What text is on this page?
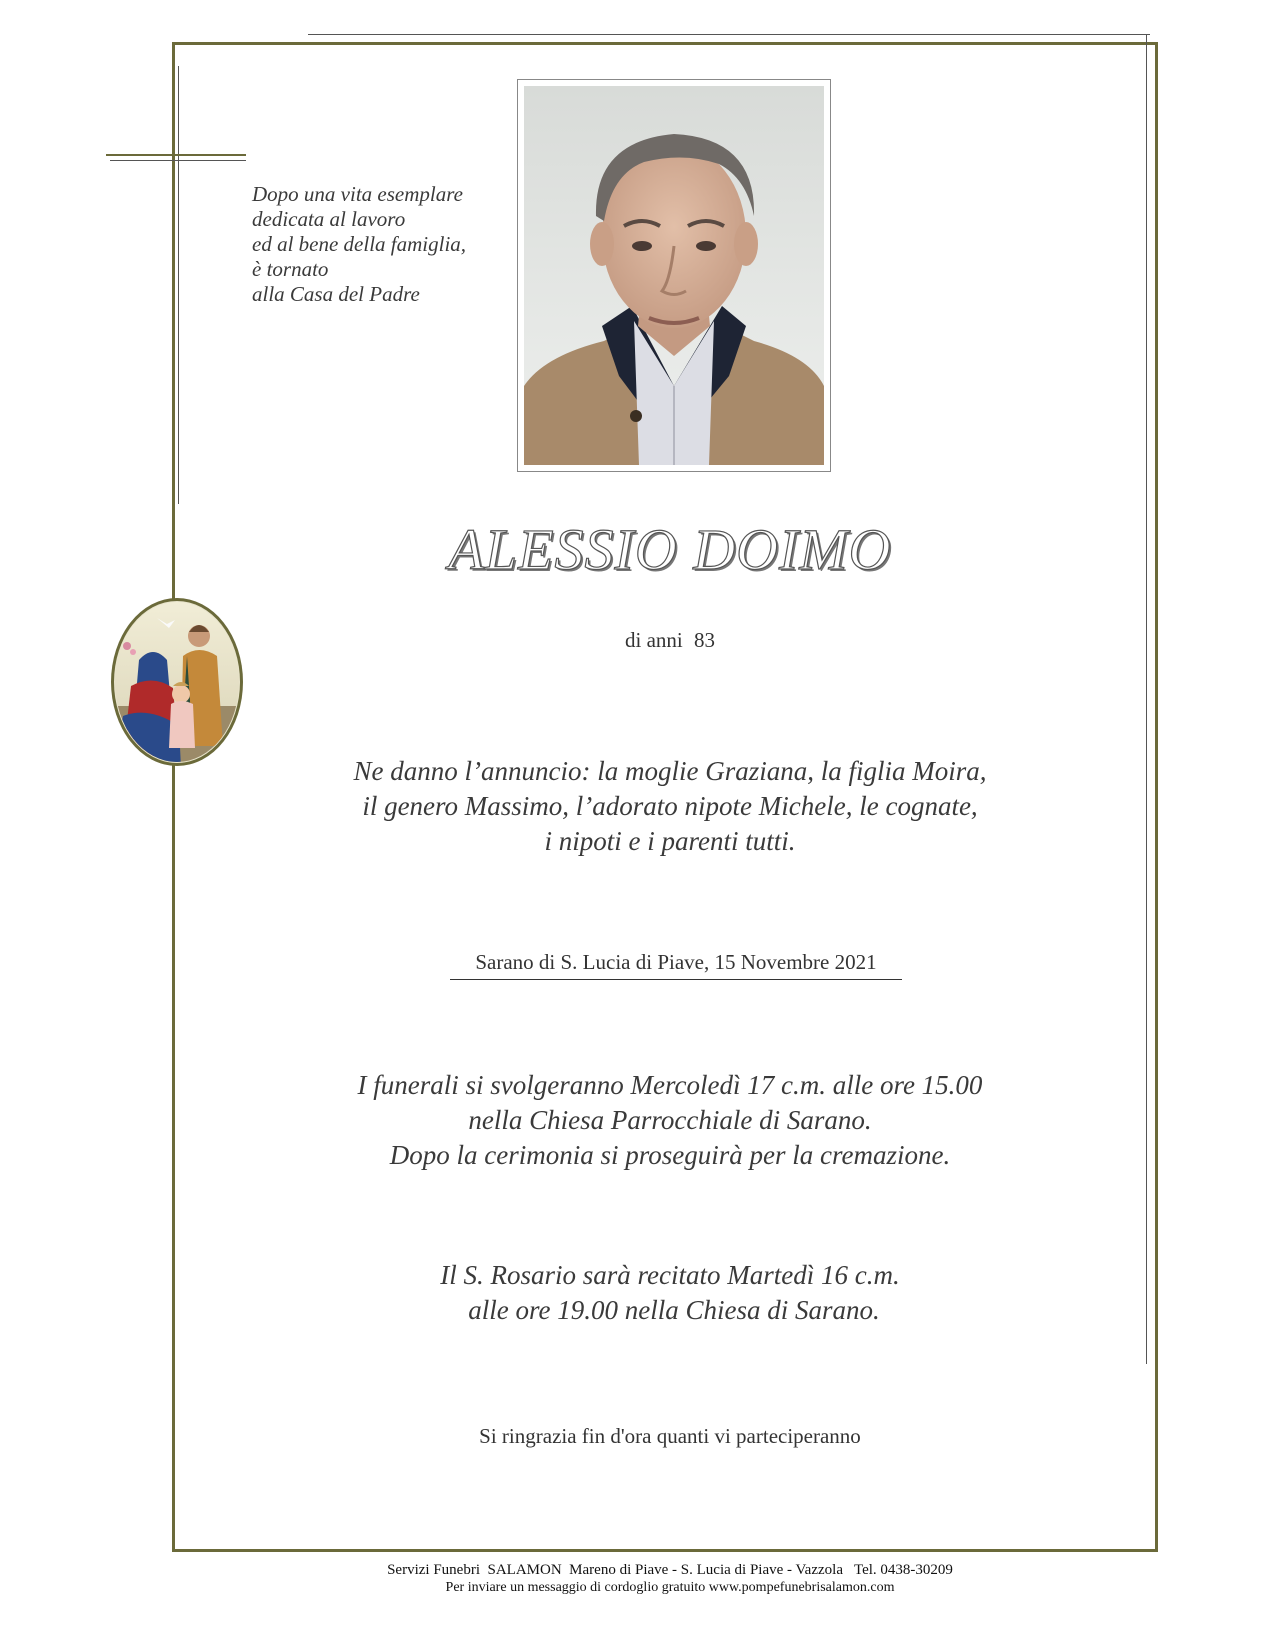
Dopo una vita esemplare
dedicata al lavoro
ed al bene della famiglia,
è tornato
alla Casa del Padre
ALESSIO DOIMO
di anni 83
Ne danno l’annuncio: la moglie Graziana, la figlia Moira,
il genero Massimo, l’adorato nipote Michele, le cognate,
i nipoti e i parenti tutti.
Sarano di S. Lucia di Piave, 15 Novembre 2021
I funerali si svolgeranno Mercoledì 17 c.m. alle ore 15.00
nella Chiesa Parrocchiale di Sarano.
Dopo la cerimonia si proseguirà per la cremazione.
Il S. Rosario sarà recitato Martedì 16 c.m.
alle ore 19.00 nella Chiesa di Sarano.
Si ringrazia fin d'ora quanti vi parteciperanno
Servizi Funebri  SALAMON  Mareno di Piave - S. Lucia di Piave - Vazzola   Tel. 0438-30209
Per inviare un messaggio di cordoglio gratuito www.pompefunebrisalamon.com
